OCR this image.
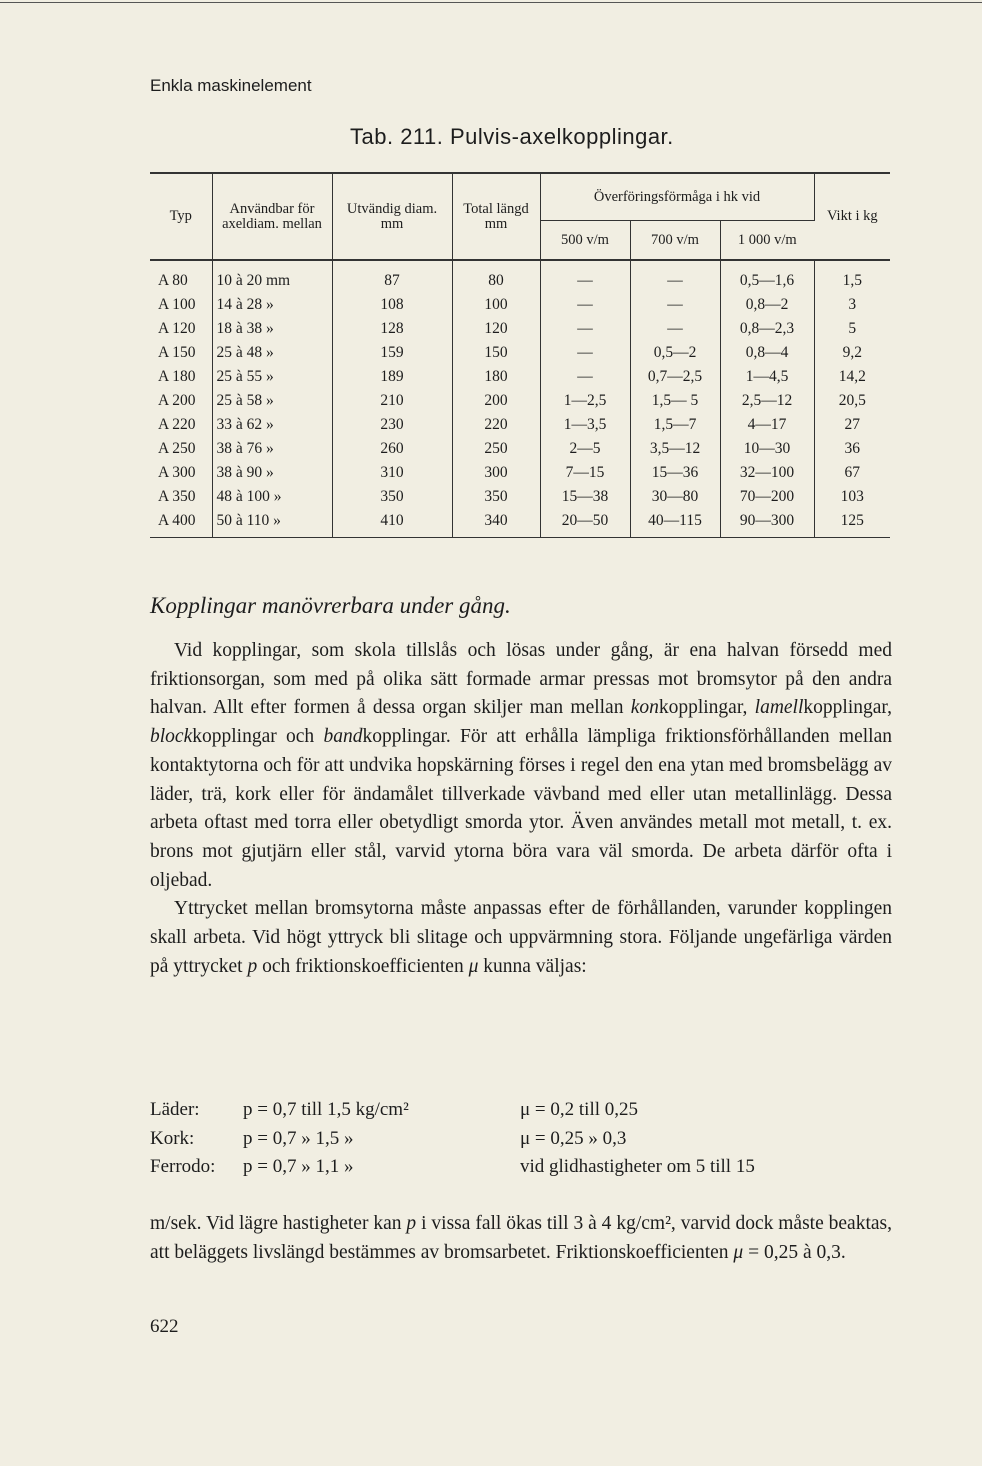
Enkla maskinelement
Tab. 211. Pulvis-axelkopplingar.
Typ	Användbar för axeldiam. mellan	Utvändig diam. mm	Total längd mm	Överföringsförmåga i hk vid			Vikt i kg
				500 v/m	700 v/m	1 000 v/m	
A 80	10 à 20 mm	87	80	—	—	0,5—1,6	1,5
A 100	14 à 28 »	108	100	—	—	0,8—2	3
A 120	18 à 38 »	128	120	—	—	0,8—2,3	5
A 150	25 à 48 »	159	150	—	0,5—2	0,8—4	9,2
A 180	25 à 55 »	189	180	—	0,7—2,5	1—4,5	14,2
A 200	25 à 58 »	210	200	1—2,5	1,5— 5	2,5—12	20,5
A 220	33 à 62 »	230	220	1—3,5	1,5—7	4—17	27
A 250	38 à 76 »	260	250	2—5	3,5—12	10—30	36
A 300	38 à 90 »	310	300	7—15	15—36	32—100	67
A 350	48 à 100 »	350	350	15—38	30—80	70—200	103
A 400	50 à 110 »	410	340	20—50	40—115	90—300	125
Kopplingar manövrerbara under gång.

Vid kopplingar, som skola tillslås och lösas under gång, är ena halvan försedd med friktionsorgan, som med på olika sätt formade armar pressas mot bromsytor på den andra halvan. Allt efter formen å dessa organ skiljer man mellan konkopplingar, lamellkopplingar, blockkopplingar och bandkopplingar. För att erhålla lämpliga friktionsförhållanden mellan kontaktytorna och för att undvika hopskärning förses i regel den ena ytan med bromsbelägg av läder, trä, kork eller för ändamålet tillverkade vävband med eller utan metallinlägg. Dessa arbeta oftast med torra eller obetydligt smorda ytor. Även användes metall mot metall, t. ex. brons mot gjutjärn eller stål, varvid ytorna böra vara väl smorda. De arbeta därför ofta i oljebad.

Yttrycket mellan bromsytorna måste anpassas efter de förhållanden, varunder kopplingen skall arbeta. Vid högt yttryck bli slitage och uppvärmning stora. Följande ungefärliga värden på yttrycket p och friktionskoefficienten μ kunna väljas:

Läder: p = 0,7 till 1,5 kg/cm²	μ = 0,2 till 0,25
Kork:	p = 0,7 » 1,5 »	μ = 0,25 » 0,3
Ferrodo: p = 0,7 » 1,1 »	vid glidhastigheter om 5 till 15

m/sek. Vid lägre hastigheter kan p i vissa fall ökas till 3 à 4 kg/cm², varvid dock måste beaktas, att beläggets livslängd bestämmes av bromsarbetet. Friktionskoefficienten μ = 0,25 à 0,3.

622
